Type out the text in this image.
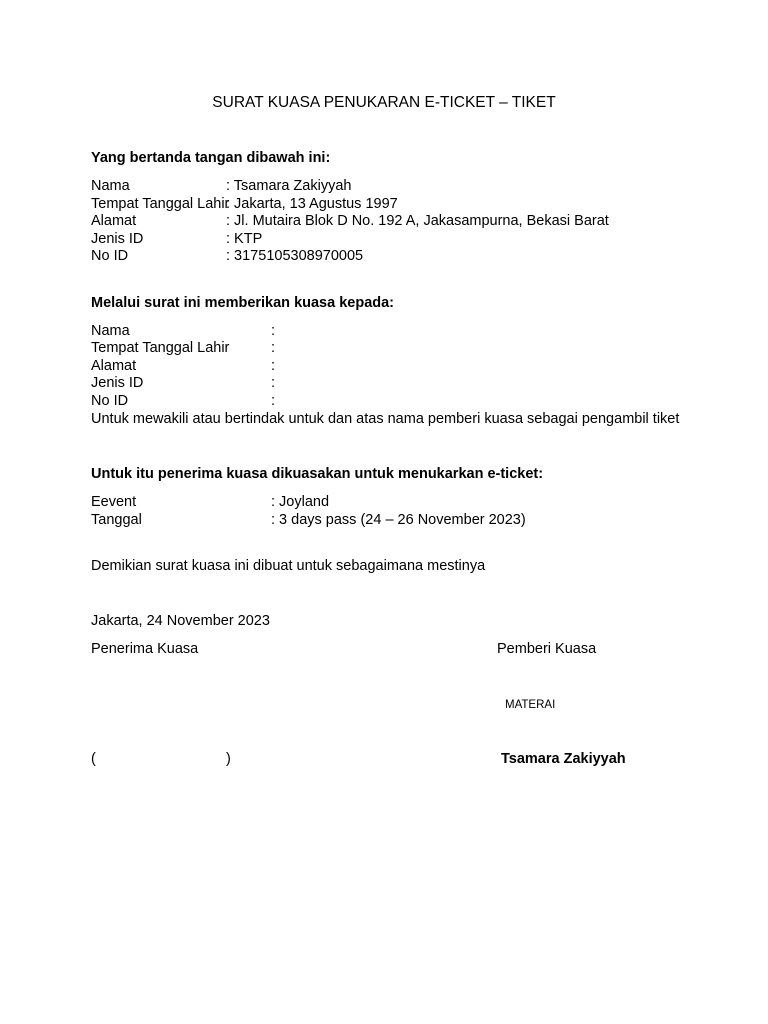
SURAT KUASA PENUKARAN E-TICKET – TIKET
Yang bertanda tangan dibawah ini:
Nama	: Tsamara Zakiyyah
Tempat Tanggal Lahir: Jakarta, 13 Agustus 1997
Alamat	: Jl. Mutaira Blok D No. 192 A, Jakasampurna, Bekasi Barat
Jenis ID	: KTP
No ID	: 3175105308970005
Melalui surat ini memberikan kuasa kepada:
Nama	:
Tempat Tanggal Lahir	:
Alamat	:
Jenis ID	:
No ID	:
Untuk mewakili atau bertindak untuk dan atas nama pemberi kuasa sebagai pengambil tiket
Untuk itu penerima kuasa dikuasakan untuk menukarkan e-ticket:
Eevent	: Joyland
Tanggal	: 3 days pass (24 – 26 November 2023)
Demikian surat kuasa ini dibuat untuk sebagaimana mestinya
Jakarta, 24 November 2023
Penerima Kuasa	Pemberi Kuasa
MATERAI
(	)	Tsamara Zakiyyah
